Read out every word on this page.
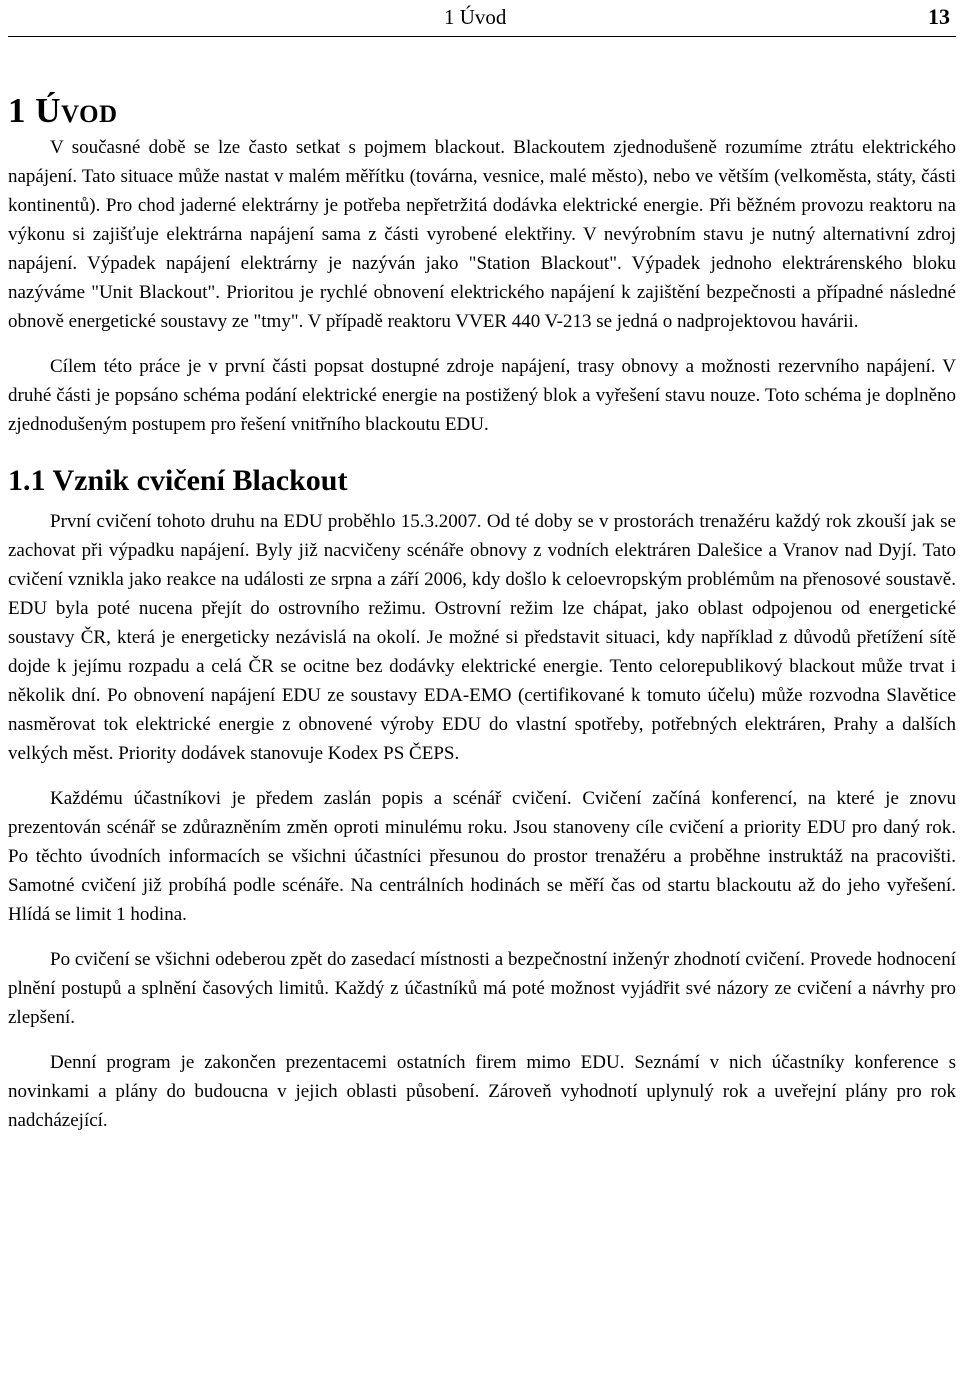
1 Úvod	13
1 Úvod

V současné době se lze často setkat s pojmem blackout. Blackoutem zjednodušeně rozumíme ztrátu elektrického napájení. Tato situace může nastat v malém měřítku (továrna, vesnice, malé město), nebo ve větším (velkoměsta, státy, části kontinentů). Pro chod jaderné elektrárny je potřeba nepřetržitá dodávka elektrické energie. Při běžném provozu reaktoru na výkonu si zajišťuje elektrárna napájení sama z části vyrobené elektřiny. V nevýrobním stavu je nutný alternativní zdroj napájení. Výpadek napájení elektrárny je nazýván jako "Station Blackout". Výpadek jednoho elektrárenského bloku nazýváme "Unit Blackout". Prioritou je rychlé obnovení elektrického napájení k zajištění bezpečnosti a případné následné obnově energetické soustavy ze "tmy". V případě reaktoru VVER 440 V-213 se jedná o nadprojektovou havárii.

Cílem této práce je v první části popsat dostupné zdroje napájení, trasy obnovy a možnosti rezervního napájení. V druhé části je popsáno schéma podání elektrické energie na postižený blok a vyřešení stavu nouze. Toto schéma je doplněno zjednodušeným postupem pro řešení vnitřního blackoutu EDU.

1.1 Vznik cvičení Blackout

První cvičení tohoto druhu na EDU proběhlo 15.3.2007. Od té doby se v prostorách trenažéru každý rok zkouší jak se zachovat při výpadku napájení. Byly již nacvičeny scénáře obnovy z vodních elektráren Dalešice a Vranov nad Dyjí. Tato cvičení vznikla jako reakce na události ze srpna a září 2006, kdy došlo k celoevropským problémům na přenosové soustavě. EDU byla poté nucena přejít do ostrovního režimu. Ostrovní režim lze chápat, jako oblast odpojenou od energetické soustavy ČR, která je energeticky nezávislá na okolí. Je možné si představit situaci, kdy například z důvodů přetížení sítě dojde k jejímu rozpadu a celá ČR se ocitne bez dodávky elektrické energie. Tento celorepublikový blackout může trvat i několik dní. Po obnovení napájení EDU ze soustavy EDA-EMO (certifikované k tomuto účelu) může rozvodna Slavětice nasměrovat tok elektrické energie z obnovené výroby EDU do vlastní spotřeby, potřebných elektráren, Prahy a dalších velkých měst. Priority dodávek stanovuje Kodex PS ČEPS.

Každému účastníkovi je předem zaslán popis a scénář cvičení. Cvičení začíná konferencí, na které je znovu prezentován scénář se zdůrazněním změn oproti minulému roku. Jsou stanoveny cíle cvičení a priority EDU pro daný rok. Po těchto úvodních informacích se všichni účastníci přesunou do prostor trenažéru a proběhne instruktáž na pracovišti. Samotné cvičení již probíhá podle scénáře. Na centrálních hodinách se měří čas od startu blackoutu až do jeho vyřešení. Hlídá se limit 1 hodina.

Po cvičení se všichni odeberou zpět do zasedací místnosti a bezpečnostní inženýr zhodnotí cvičení. Provede hodnocení plnění postupů a splnění časových limitů. Každý z účastníků má poté možnost vyjádřit své názory ze cvičení a návrhy pro zlepšení.

Denní program je zakončen prezentacemi ostatních firem mimo EDU. Seznámí v nich účastníky konference s novinkami a plány do budoucna v jejich oblasti působení. Zároveň vyhodnotí uplynulý rok a uveřejní plány pro rok nadcházející.
